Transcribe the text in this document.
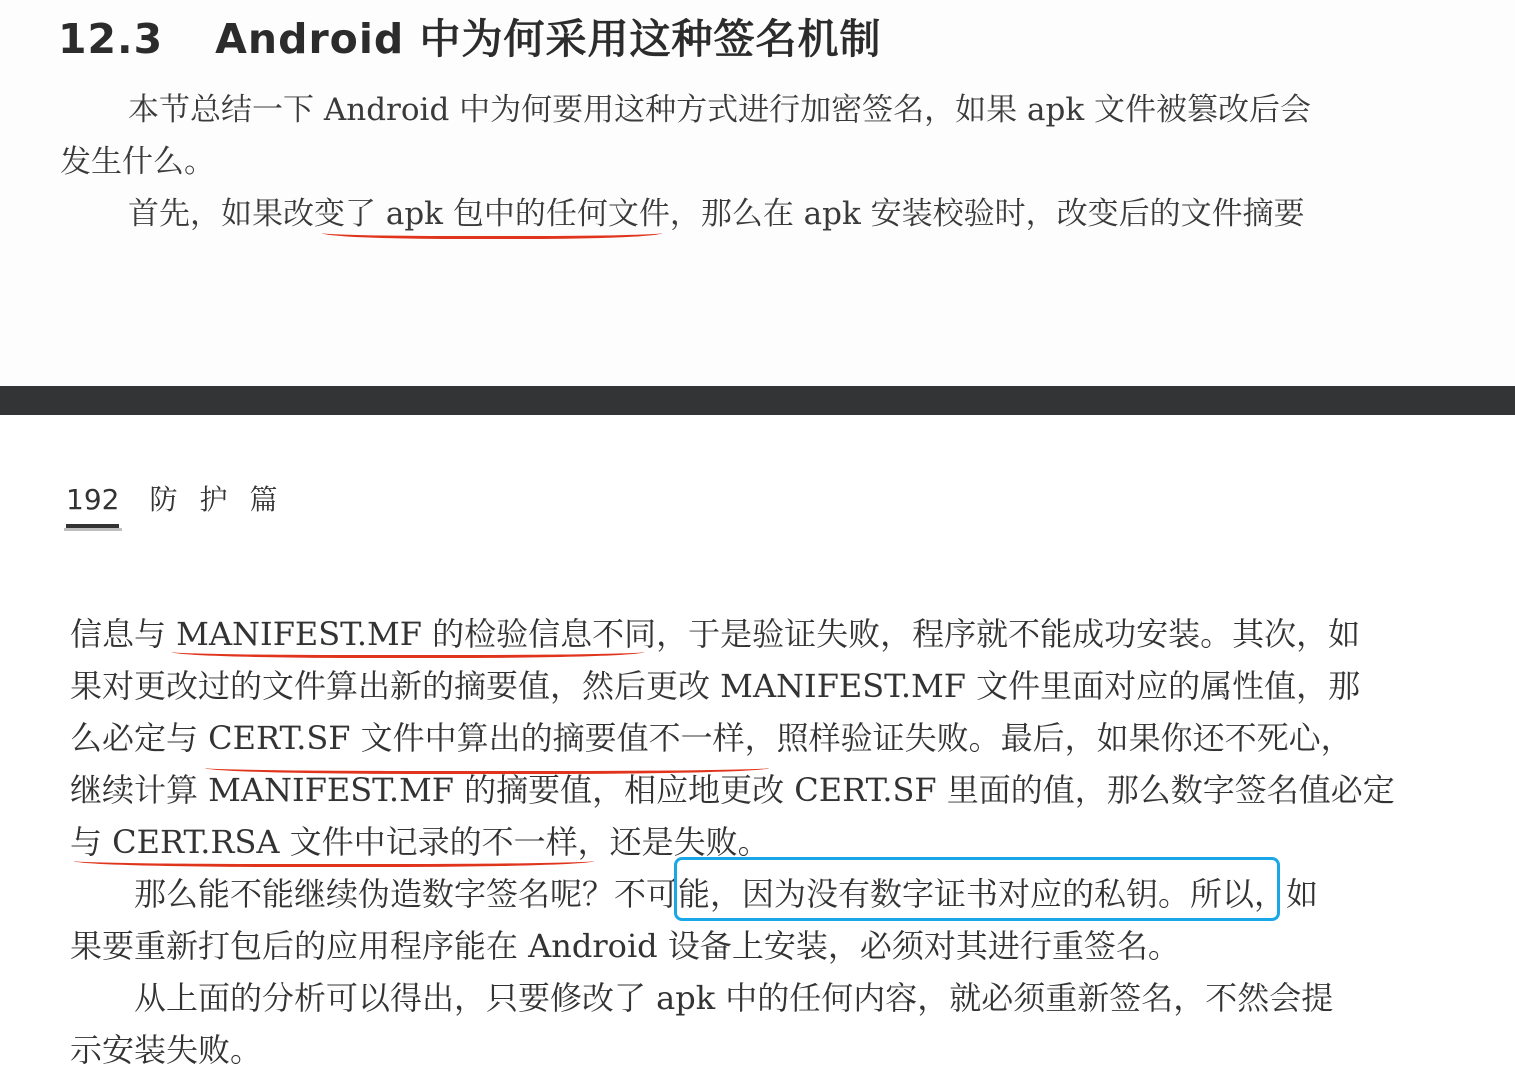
12.3 Android 中为何采用这种签名机制

本节总结一下 Android 中为何要用这种方式进行加密签名，如果 apk 文件被篡改后会

发生什么。

首先，如果改变了 apk 包中的任何文件，那么在 apk 安装校验时，改变后的文件摘要

192 防护篇
信息与 MANIFEST.MF 的检验信息不同，于是验证失败，程序就不能成功安装。其次，如
果对更改过的文件算出新的摘要值，然后更改 MANIFEST.MF 文件里面对应的属性值，那
么必定与 CERT.SF 文件中算出的摘要值不一样，照样验证失败。最后，如果你还不死心，
继续计算 MANIFEST.MF 的摘要值，相应地更改 CERT.SF 里面的值，那么数字签名值必定
与 CERT.RSA 文件中记录的不一样，还是失败。
　　那么能不能继续伪造数字签名呢？不可能，因为没有数字证书对应的私钥。所以，如
果要重新打包后的应用程序能在 Android 设备上安装，必须对其进行重签名。
　　从上面的分析可以得出，只要修改了 apk 中的任何内容，就必须重新签名，不然会提
示安装失败。
